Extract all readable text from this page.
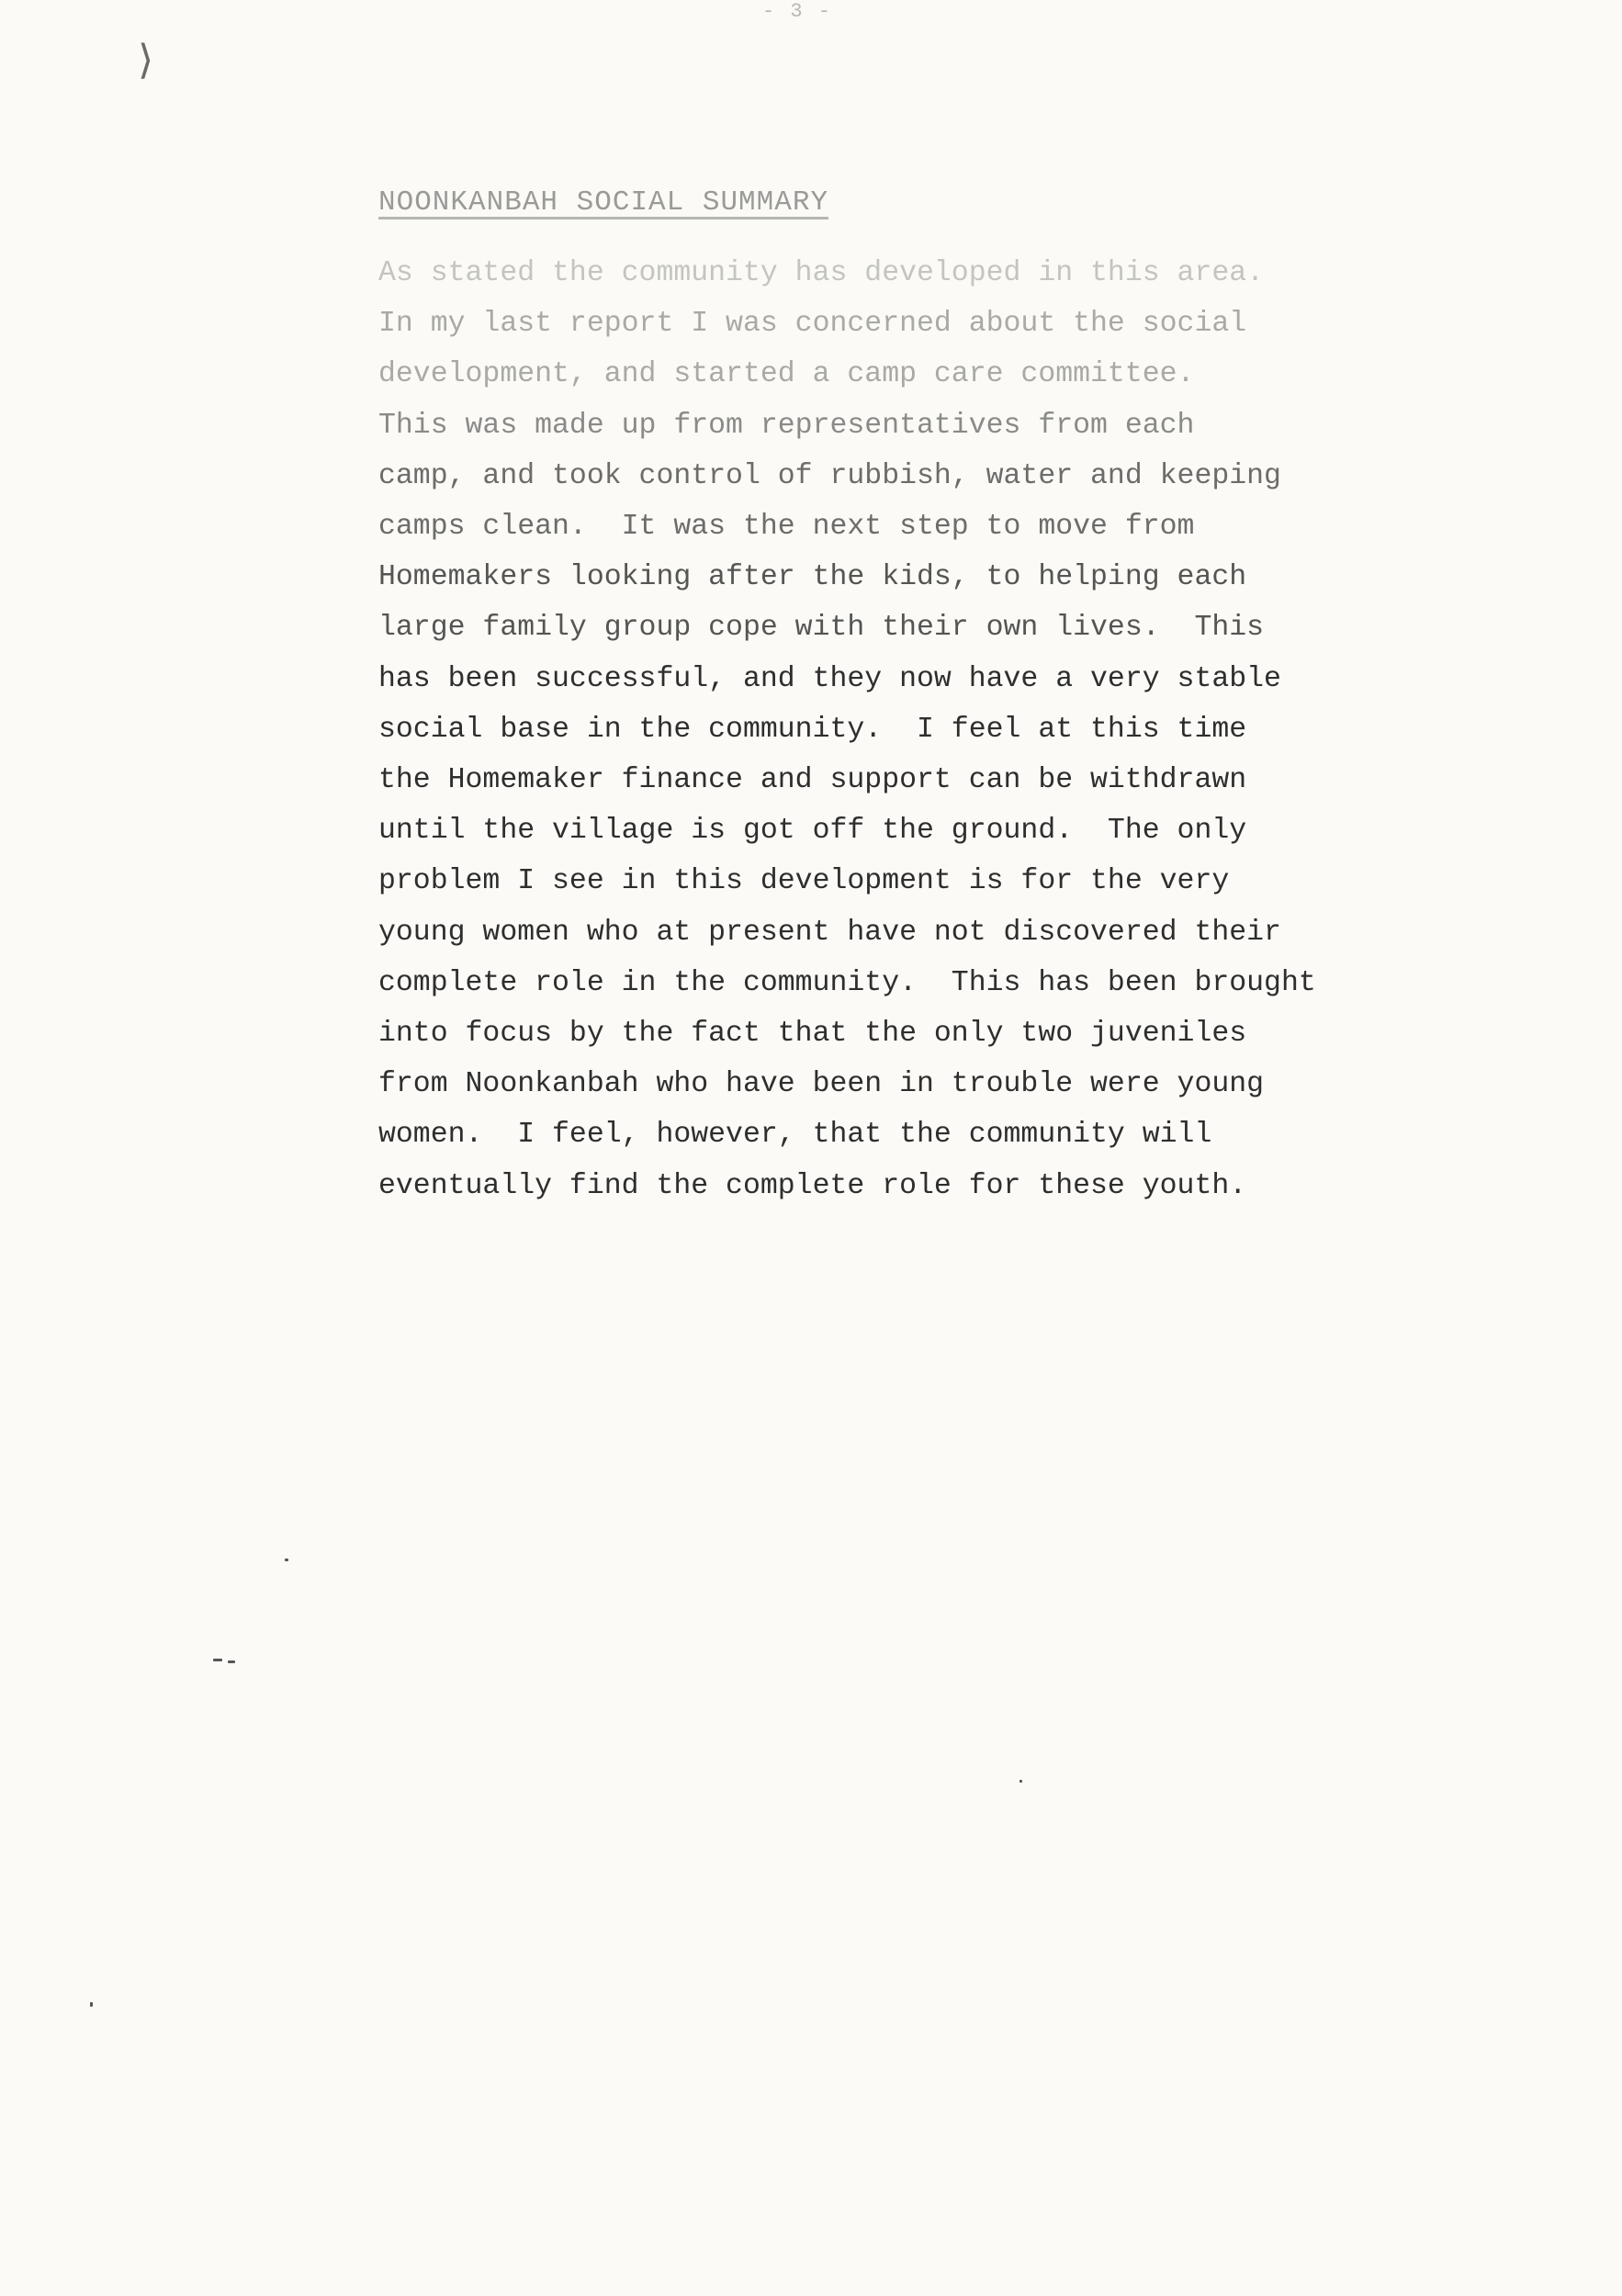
- 3 -
⟩
NOONKANBAH SOCIAL SUMMARY

As stated the community has developed in this area.
In my last report I was concerned about the social
development, and started a camp care committee.
This was made up from representatives from each
camp, and took control of rubbish, water and keeping
camps clean.  It was the next step to move from
Homemakers looking after the kids, to helping each
large family group cope with their own lives.  This
has been successful, and they now have a very stable
social base in the community.  I feel at this time
the Homemaker finance and support can be withdrawn
until the village is got off the ground.  The only
problem I see in this development is for the very
young women who at present have not discovered their
complete role in the community.  This has been brought
into focus by the fact that the only two juveniles
from Noonkanbah who have been in trouble were young
women.  I feel, however, that the community will
eventually find the complete role for these youth.
